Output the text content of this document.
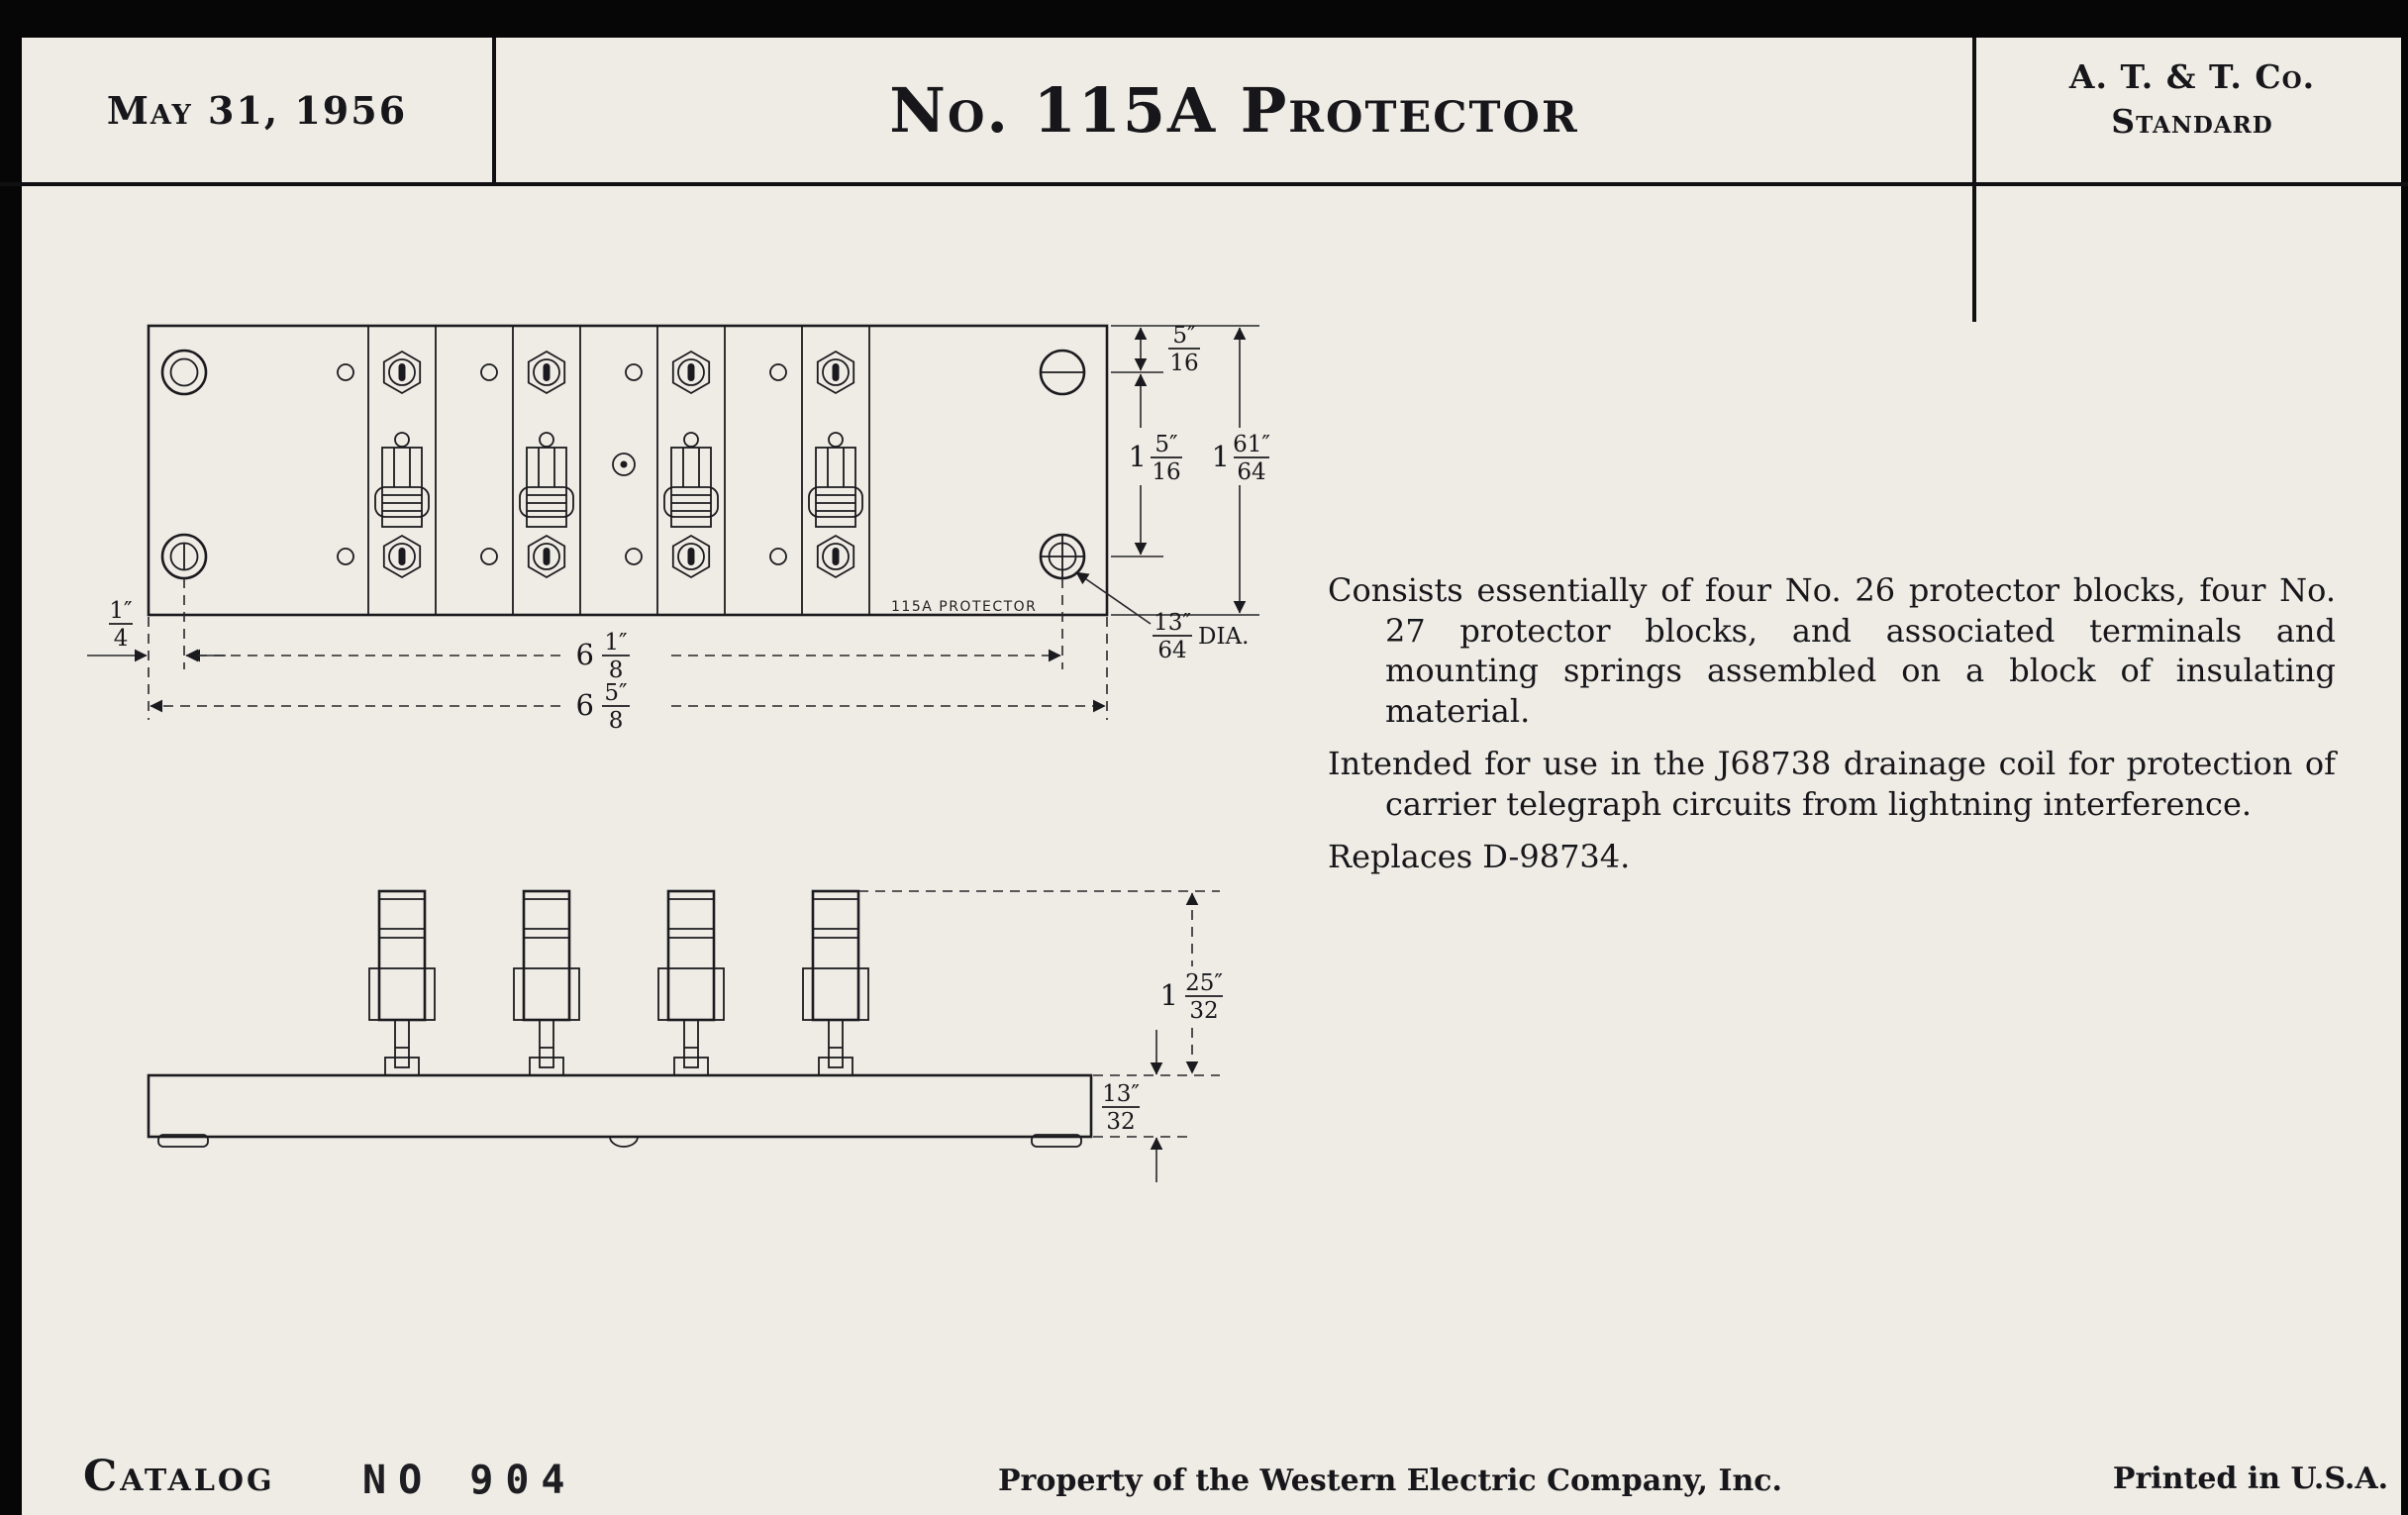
May 31, 1956	No. 115A Protector	A. T. & T. Co.
Standard
115A PROTECTOR
5″
16
1 5″
16 1 61″
64
1″
4	6 1″
8
6 5″
8
13″
64
DIA.
1 25″
32
13″
32

Consists essentially of four No. 26 protector blocks, four No. 27 protector blocks, and associated terminals and mounting springs assembled on a block of insulating material.

Intended for use in the J68738 drainage coil for protection of carrier telegraph circuits from lightning interference.

Replaces D-98734.

Catalog NO 904	Property of the Western Electric Company, Inc.	Printed in U.S.A.
